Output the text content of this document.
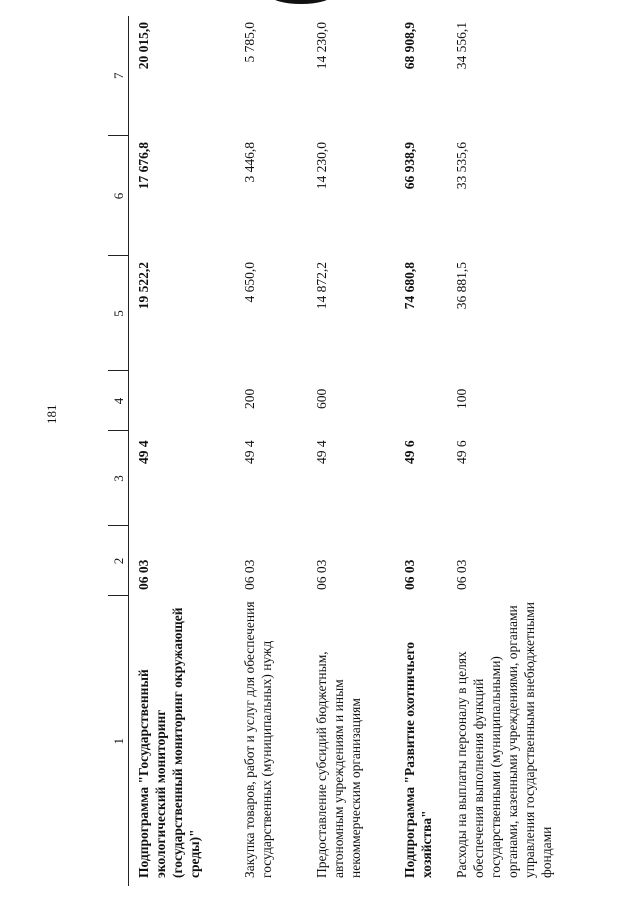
181
1	2	3	4	5	6	7
Подпрограмма "Государственный экологический мониторинг (государственный мониторинг окружающей среды)"	06 03	49 4		19 522,2	17 676,8	20 015,0
Закупка товаров, работ и услуг для обеспечения государственных (муниципальных) нужд	06 03	49 4	200	4 650,0	3 446,8	5 785,0
Предоставление субсидий бюджетным, автономным учреждениям и иным некоммерческим организациям	06 03	49 4	600	14 872,2	14 230,0	14 230,0
Подпрограмма "Развитие охотничьего хозяйства"	06 03	49 6		74 680,8	66 938,9	68 908,9
Расходы на выплаты персоналу в целях обеспечения выполнения функций государственными (муниципальными) органами, казенными учреждениями, органами управления государственными внебюджетными фондами	06 03	49 6	100	36 881,5	33 535,6	34 556,1
